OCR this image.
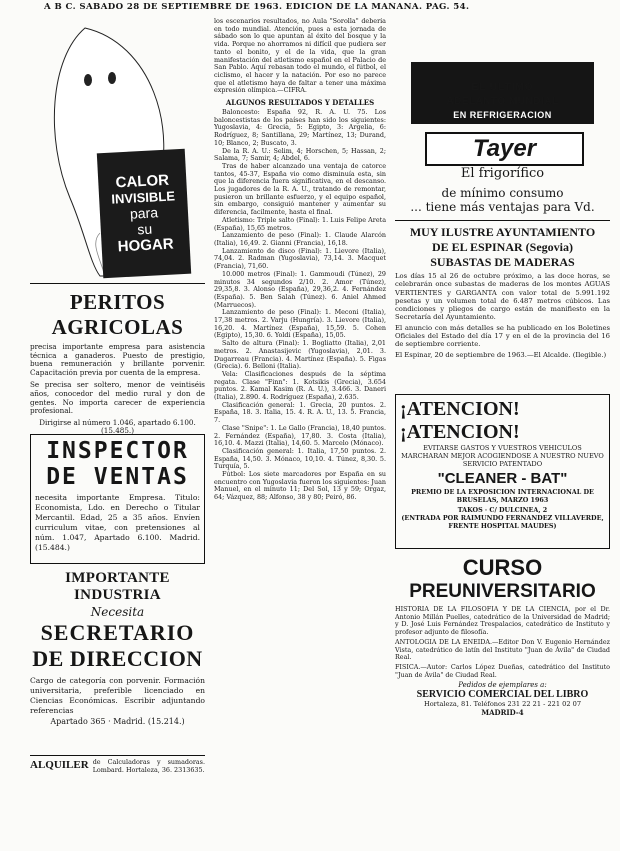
A B C. SABADO 28 DE SEPTIEMBRE DE 1963. EDICION DE LA MAÑANA. PAG. 54.
CALOR
INVISIBLE
para
su
HOGAR
PERITOS AGRICOLAS

precisa importante empresa para asistencia técnica a ganaderos. Puesto de prestigio, buena remuneración y brillante porvenir. Capacitación previa por cuenta de la empresa.

Se precisa ser soltero, menor de veintiséis años, conocedor del medio rural y don de gentes. No importa carecer de experiencia profesional.

Dirigirse al número 1.046, apartado 6.100. (15.485.)

INSPECTOR
DE VENTAS

necesita importante Empresa. Titulo: Economista, Ldo. en Derecho o Titular Mercantil. Edad, 25 a 35 años. Envíen curriculum vitae, con pretensiones al núm. 1.047, Apartado 6.100. Madrid. (15.484.)

IMPORTANTE INDUSTRIA
Necesita
SECRETARIO
DE DIRECCION

Cargo de categoría con porvenir. Formación universitaria, preferible licenciado en Ciencias Económicas. Escribir adjuntando referencias

Apartado 365 · Madrid. (15.214.)

ALQUILER de Calculadoras y sumadoras. Lombard. Hortaleza, 36. 2313635.

los escenarios resultados, no Aula "Sorolla" debería en todo mundial. Atención, pues a esta jornada de sábado son lo que apuntan al éxito del bosque y la vida. Porque no ahorramos ni difícil que pudiera ser tanto el bonito, y el de la vida, que la gran manifestación del atletismo español en el Palacio de San Pablo. Aquí rebasan todo el mundo, el fútbol, el ciclismo, el hacer y la natación. Por eso no parece que el atletismo haya de faltar a tener una máxima expresión olímpica.—CIFRA.

ALGUNOS RESULTADOS Y DETALLES

Baloncesto: España 92, R. A. U. 75. Los baloncestistas de los países han sido los siguientes: Yugoslavia, 4: Grecia, 5: Egipto, 3: Argelia, 6: Rodríguez, 8; Santillana, 29; Martínez, 13; Durand, 10; Blanco, 2; Buscato, 3.

De la R. A. U.: Selim, 4; Horschen, 5; Hassan, 2; Salama, 7; Samir, 4; Abdel, 6.

Tras de haber alcanzado una ventaja de catorce tantos, 45-37, España vio como disminuía esta, sin que la diferencia fuera significativa, en el descanso. Los jugadores de la R. A. U., tratando de remontar, pusieron un brillante esfuerzo, y el equipo español, sin embargo, consiguió mantener y aumentar su diferencia, facilmente, hasta el final.

Atletismo: Triple salto (Final): 1. Luis Felipe Areta (España), 15,65 metros.

Lanzamiento de peso (Final): 1. Claude Alarcón (Italia), 16,49. 2. Gianni (Francia), 16,18.

Lanzamiento de disco (Final): 1. Lievore (Italia), 74,04. 2. Radman (Yugoslavia), 73,14. 3. Macquet (Francia), 71,60.

10.000 metros (Final): 1. Gammoudi (Túnez), 29 minutos 34 segundos 2/10. 2. Amor (Túnez), 29,35,8. 3. Alonso (España), 29,36,2. 4. Fernández (España). 5. Ben Salah (Túnez). 6. Aniel Ahmed (Marruecos).

Lanzamiento de peso (Final): 1. Meconi (Italia), 17,38 metros. 2. Varju (Hungría). 3. Lievore (Italia), 16,20. 4. Martínez (España), 15,59. 5. Cohen (Egipto), 15,30. 6. Yoldi (España), 15,05.

Salto de altura (Final): 1. Bogliatto (Italia), 2,01 metros. 2. Anastasijevic (Yugoslavia), 2,01. 3. Dugarreau (Francia). 4. Martínez (España). 5. Figas (Grecia). 6. Belloni (Italia).

Vela: Clasificaciones después de la séptima regata. Clase "Finn": 1. Kotsikis (Grecia), 3.654 puntos. 2. Kamal Kasim (R. A. U.), 3.466. 3. Daneri (Italia), 2.890. 4. Rodríguez (España), 2.635.

Clasificación general: 1. Grecia, 20 puntos. 2. España, 18. 3. Italia, 15. 4. R. A. U., 13. 5. Francia, 7.

Clase "Snipe": 1. Le Gallo (Francia), 18,40 puntos. 2. Fernández (España), 17,80. 3. Costa (Italia), 16,10. 4. Mazzi (Italia), 14,60. 5. Marcelo (Mónaco).

Clasificación general: 1. Italia, 17,50 puntos. 2. España, 14,50. 3. Mónaco, 10,10. 4. Túnez, 8,30. 5. Turquía, 5.

Fútbol: Los siete marcadores por España en su encuentro con Yugoslavia fueron los siguientes: Juan Manuel, en el minuto 11; Del Sol, 13 y 59; Orgaz, 64; Vázquez, 88; Alfonso, 38 y 80; Peiró, 86.

EL ULTIMO
ADELANTO MUNDIAL
EN REFRIGERACION
Tayer
El frigorífico
de mínimo consumo
... tiene más ventajas para Vd.
MUY ILUSTRE AYUNTAMIENTO
DE EL ESPINAR (Segovia)
SUBASTAS DE MADERAS

Los días 15 al 26 de octubre próximo, a las doce horas, se celebrarán once subastas de maderas de los montes AGUAS VERTIENTES y GARGANTA con valor total de 5.991.192 pesetas y un volumen total de 6.487 metros cúbicos. Las condiciones y pliegos de cargo están de manifiesto en la Secretaría del Ayuntamiento.

El anuncio con más detalles se ha publicado en los Boletines Oficiales del Estado del día 17 y en el de la provincia del 16 de septiembre corriente.

El Espinar, 20 de septiembre de 1963.—El Alcalde. (Ilegible.)

¡ATENCION!
¡ATENCION!

EVITARSE GASTOS Y VUESTROS VEHICULOS MARCHARAN MEJOR ACOGIENDOSE A NUESTRO NUEVO SERVICIO PATENTADO

"CLEANER - BAT"

PREMIO DE LA EXPOSICION INTERNACIONAL DE BRUSELAS, MARZO 1963

TAKOS · C/ DULCINEA, 2

(ENTRADA POR RAIMUNDO FERNANDEZ VILLAVERDE, FRENTE HOSPITAL MAUDES)

CURSO
PREUNIVERSITARIO

HISTORIA DE LA FILOSOFIA Y DE LA CIENCIA, por el Dr. Antonio Millán Puelles, catedrático de la Universidad de Madrid; y D. José Luis Fernández Trespalacios, catedrático de Instituto y profesor adjunto de filosofía.

ANTOLOGIA DE LA ENEIDA.—Editor Don V. Eugenio Hernández Vista, catedrático de latín del Instituto "Juan de Ávila" de Ciudad Real.

FISICA.—Autor: Carlos López Dueñas, catedrático del Instituto "Juan de Ávila" de Ciudad Real.

Pedidos de ejemplares a:
SERVICIO COMERCIAL DEL LIBRO
Hortaleza, 81. Teléfonos 231 22 21 - 221 02 07
MADRID-4
